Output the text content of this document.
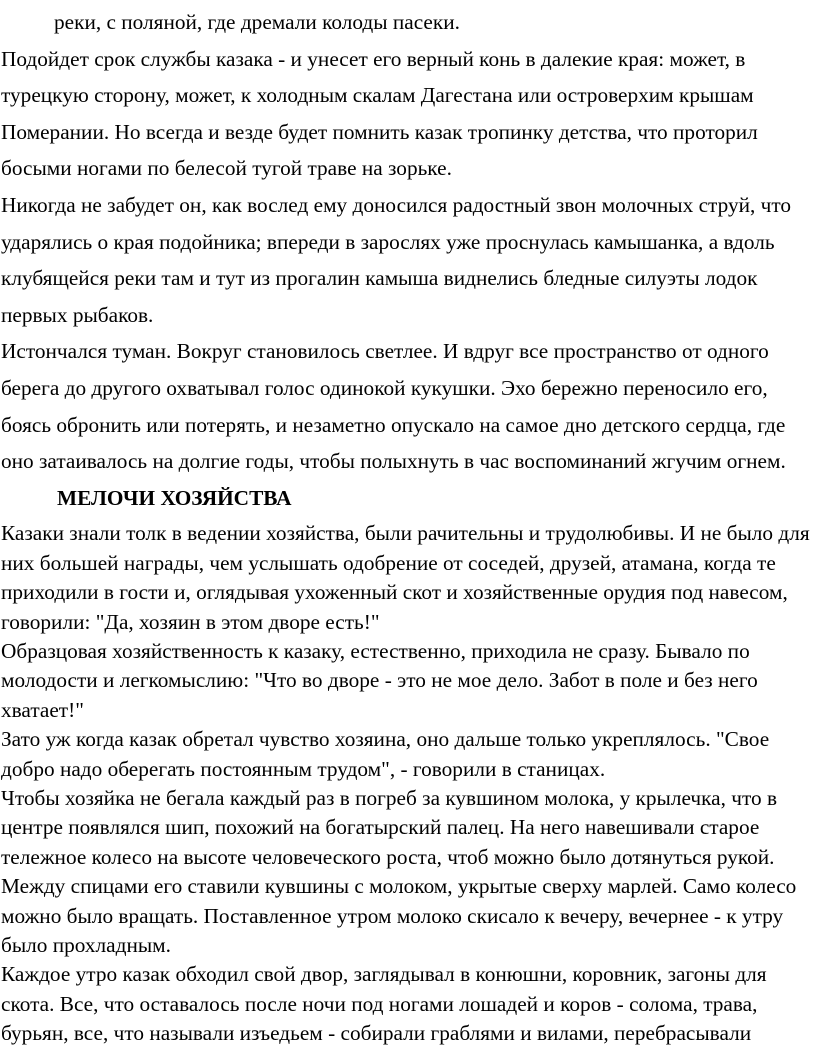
реки, с поляной, где дремали колоды пасеки.

Подойдет срок службы казака - и унесет его верный конь в далекие края: может, в турецкую сторону, может, к холодным скалам Дагестана или островерхим крышам Померании. Но всегда и везде будет помнить казак тропинку детства, что проторил босыми ногами по белесой тугой траве на зорьке.

Никогда не забудет он, как вослед ему доносился радостный звон молочных струй, что ударялись о края подойника; впереди в зарослях уже проснулась камышанка, а вдоль клубящейся реки там и тут из прогалин камыша виднелись бледные силуэты лодок первых рыбаков.

Истончался туман. Вокруг становилось светлее. И вдруг все пространство от одного берега до другого охватывал голос одинокой кукушки. Эхо бережно переносило его, боясь обронить или потерять, и незаметно опускало на самое дно детского сердца, где оно затаивалось на долгие годы, чтобы полыхнуть в час воспоминаний жгучим огнем.

МЕЛОЧИ ХОЗЯЙСТВА

Казаки знали толк в ведении хозяйства, были рачительны и трудолюбивы. И не было для них большей награды, чем услышать одобрение от соседей, друзей, атамана, когда те приходили в гости и, оглядывая ухоженный скот и хозяйственные орудия под навесом, говорили: "Да, хозяин в этом дворе есть!"

Образцовая хозяйственность к казаку, естественно, приходила не сразу. Бывало по молодости и легкомыслию: "Что во дворе - это не мое дело. Забот в поле и без него хватает!"

Зато уж когда казак обретал чувство хозяина, оно дальше только укреплялось. "Свое добро надо оберегать постоянным трудом", - говорили в станицах.

Чтобы хозяйка не бегала каждый раз в погреб за кувшином молока, у крылечка, что в центре появлялся шип, похожий на богатырский палец. На него навешивали старое тележное колесо на высоте человеческого роста, чтоб можно было дотянуться рукой. Между спицами его ставили кувшины с молоком, укрытые сверху марлей. Само колесо можно было вращать. Поставленное утром молоко скисало к вечеру, вечернее - к утру было прохладным.

Каждое утро казак обходил свой двор, заглядывал в конюшни, коровник, загоны для скота. Все, что оставалось после ночи под ногами лошадей и коров - солома, трава, бурьян, все, что называли изъедьем - собирали граблями и вилами, перебрасывали
